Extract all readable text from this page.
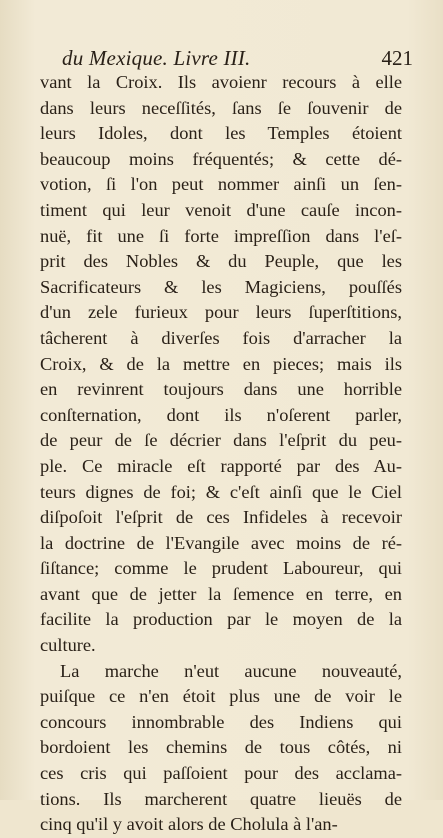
du Mexique. Livre III.	421
vant la Croix. Ils avoienr recours à elle
dans leurs neceſſités, ſans ſe ſouvenir de
leurs Idoles, dont les Temples étoient
beaucoup moins fréquentés; & cette dé-
votion, ſi l'on peut nommer ainſi un ſen-
timent qui leur venoit d'une cauſe incon-
nuë, fit une ſi forte impreſſion dans l'eſ-
prit des Nobles & du Peuple, que les
Sacrificateurs & les Magiciens, pouſſés
d'un zele furieux pour leurs ſuperſtitions,
tâcherent à diverſes fois d'arracher la
Croix, & de la mettre en pieces; mais ils
en revinrent toujours dans une horrible
conſternation, dont ils n'oſerent parler,
de peur de ſe décrier dans l'eſprit du peu-
ple. Ce miracle eſt rapporté par des Au-
teurs dignes de foi; & c'eſt ainſi que le Ciel
diſpoſoit l'eſprit de ces Infideles à recevoir
la doctrine de l'Evangile avec moins de ré-
ſiſtance; comme le prudent Laboureur, qui
avant que de jetter la ſemence en terre, en
facilite la production par le moyen de la
culture.
La marche n'eut aucune nouveauté,
puiſque ce n'en étoit plus une de voir le
concours innombrable des Indiens qui
bordoient les chemins de tous côtés, ni
ces cris qui paſſoient pour des acclama-
tions. Ils marcherent quatre lieuës de
cinq qu'il y avoit alors de Cholula à l'an-
